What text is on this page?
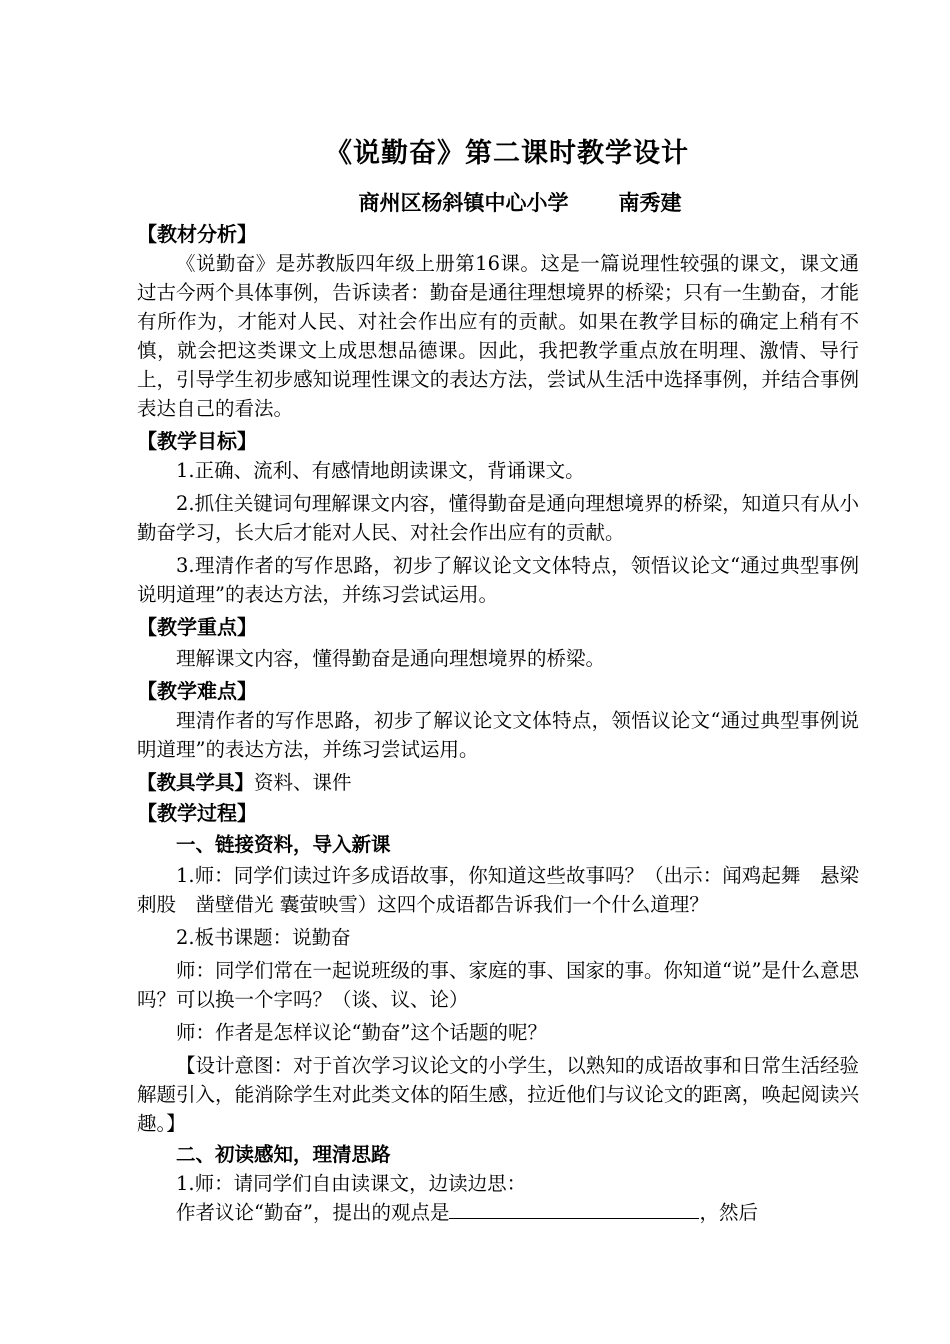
《说勤奋》第二课时教学设计
商州区杨斜镇中心小学 南秀建
【教材分析】

《说勤奋》是苏教版四年级上册第16课。这是一篇说理性较强的课文，课文通过古今两个具体事例，告诉读者：勤奋是通往理想境界的桥梁；只有一生勤奋，才能有所作为，才能对人民、对社会作出应有的贡献。如果在教学目标的确定上稍有不慎，就会把这类课文上成思想品德课。因此，我把教学重点放在明理、激情、导行上，引导学生初步感知说理性课文的表达方法，尝试从生活中选择事例，并结合事例表达自己的看法。

【教学目标】

1.正确、流利、有感情地朗读课文，背诵课文。

2.抓住关键词句理解课文内容，懂得勤奋是通向理想境界的桥梁，知道只有从小勤奋学习，长大后才能对人民、对社会作出应有的贡献。

3.理清作者的写作思路，初步了解议论文文体特点，领悟议论文“通过典型事例说明道理”的表达方法，并练习尝试运用。

【教学重点】

理解课文内容，懂得勤奋是通向理想境界的桥梁。

【教学难点】

理清作者的写作思路，初步了解议论文文体特点，领悟议论文“通过典型事例说明道理”的表达方法，并练习尝试运用。

【教具学具】资料、课件

【教学过程】

一、链接资料，导入新课

1.师：同学们读过许多成语故事，你知道这些故事吗？（出示：闻鸡起舞　悬梁刺股　凿壁借光 囊萤映雪）这四个成语都告诉我们一个什么道理？

2.板书课题：说勤奋

师：同学们常在一起说班级的事、家庭的事、国家的事。你知道“说”是什么意思吗？可以换一个字吗？（谈、议、论）

师：作者是怎样议论“勤奋”这个话题的呢？

【设计意图：对于首次学习议论文的小学生，以熟知的成语故事和日常生活经验解题引入，能消除学生对此类文体的陌生感，拉近他们与议论文的距离，唤起阅读兴趣。】

二、初读感知，理清思路

1.师：请同学们自由读课文，边读边思：

作者议论“勤奋”，提出的观点是	，然后
